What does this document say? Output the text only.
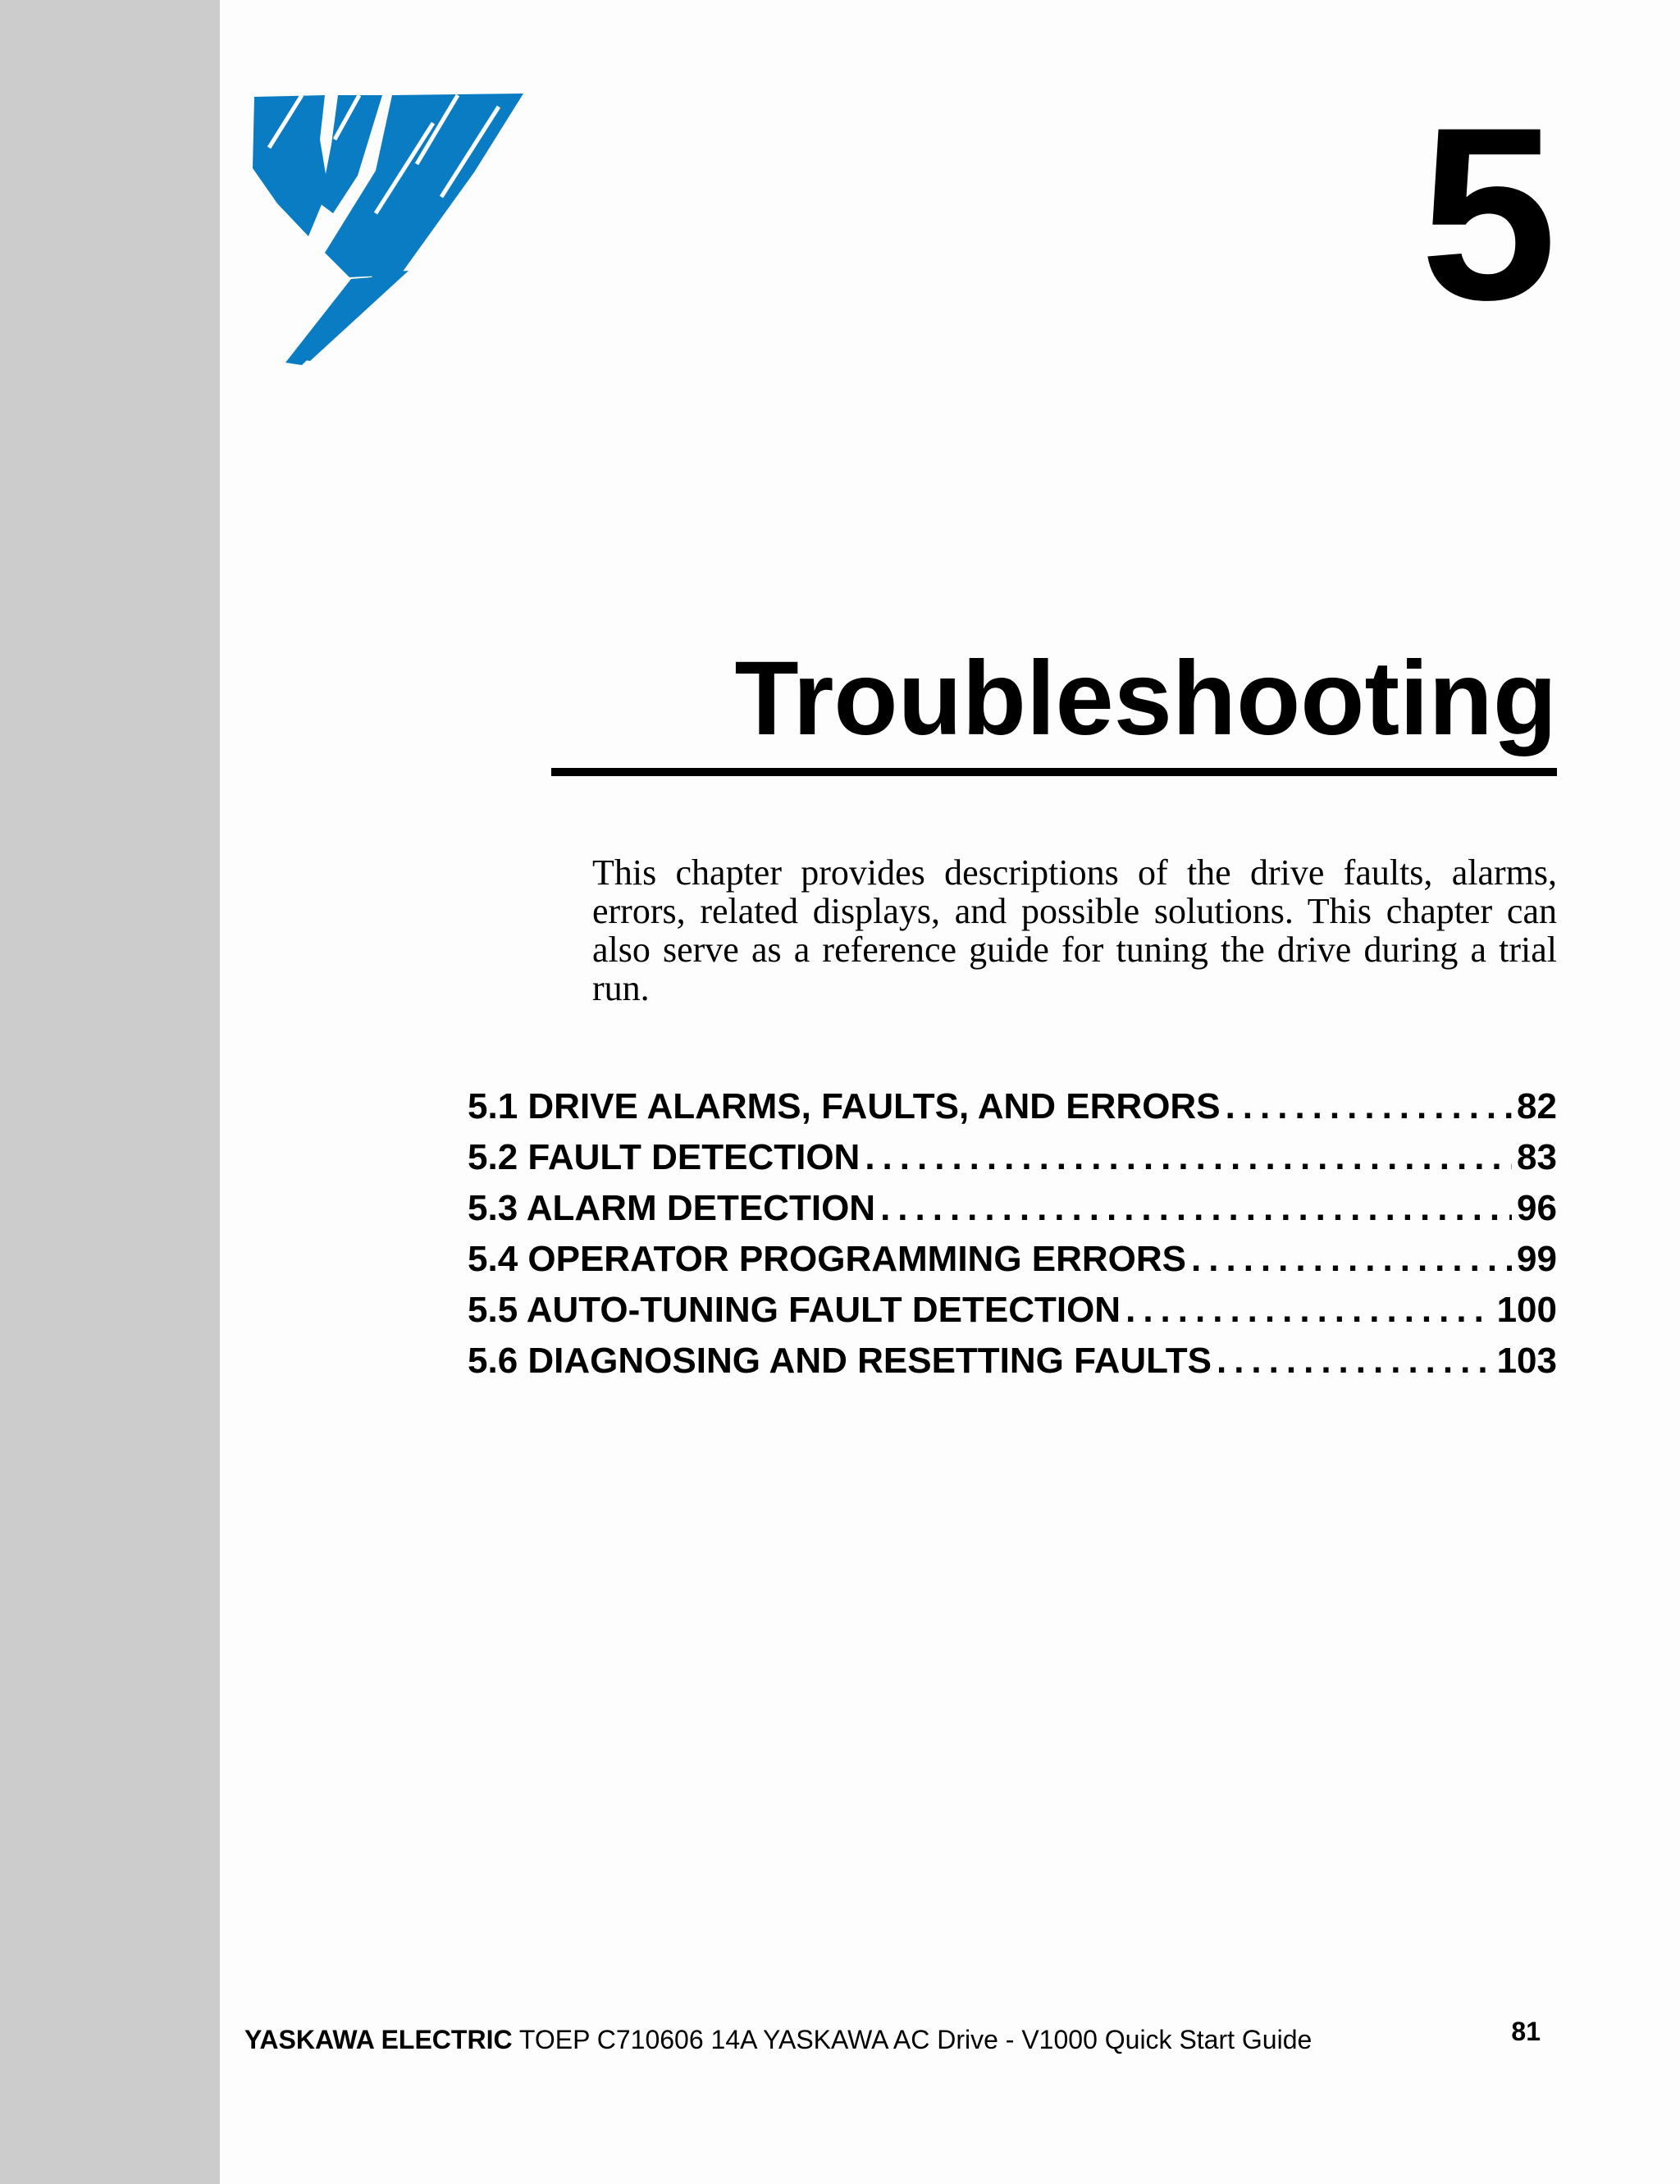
5
Troubleshooting

This chapter provides descriptions of the drive faults, alarms, errors, related displays, and possible solutions. This chapter can also serve as a reference guide for tuning the drive during a trial run.

5.1 DRIVE ALARMS, FAULTS, AND ERRORS .....	82
5.2 FAULT DETECTION .....	83
5.3 ALARM DETECTION .....	96
5.4 OPERATOR PROGRAMMING ERRORS .....	99
5.5 AUTO-TUNING FAULT DETECTION .....	100
5.6 DIAGNOSING AND RESETTING FAULTS .....	103
YASKAWA ELECTRIC TOEP C710606 14A YASKAWA AC Drive - V1000 Quick Start Guide	81
